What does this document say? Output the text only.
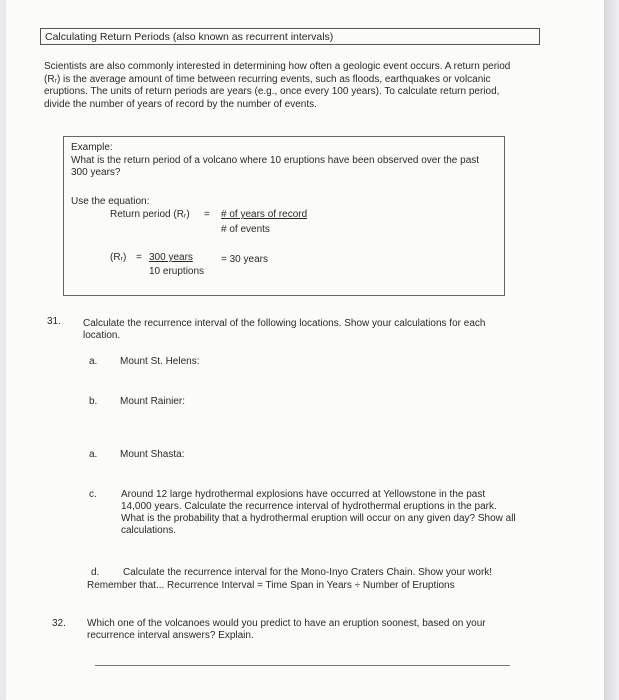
Calculating Return Periods (also known as recurrent intervals)
Scientists are also commonly interested in determining how often a geologic event occurs. A return period (Rᵣ) is the average amount of time between recurring events, such as floods, earthquakes or volcanic eruptions. The units of return periods are years (e.g., once every 100 years). To calculate return period, divide the number of years of record by the number of events.
Example:
What is the return period of a volcano where 10 eruptions have been observed over the past 300 years?
Use the equation:
Return period (Rᵣ) = # of years of record
# of events
(Rᵣ) = 300 years
10 eruptions
= 30 years
31. Calculate the recurrence interval of the following locations. Show your calculations for each location.
a. Mount St. Helens:
b. Mount Rainier:
a. Mount Shasta:
c. Around 12 large hydrothermal explosions have occurred at Yellowstone in the past 14,000 years. Calculate the recurrence interval of hydrothermal eruptions in the park. What is the probability that a hydrothermal eruption will occur on any given day? Show all calculations.
d. Calculate the recurrence interval for the Mono-Inyo Craters Chain. Show your work!
Remember that... Recurrence Interval = Time Span in Years ÷ Number of Eruptions
32. Which one of the volcanoes would you predict to have an eruption soonest, based on your recurrence interval answers? Explain.
